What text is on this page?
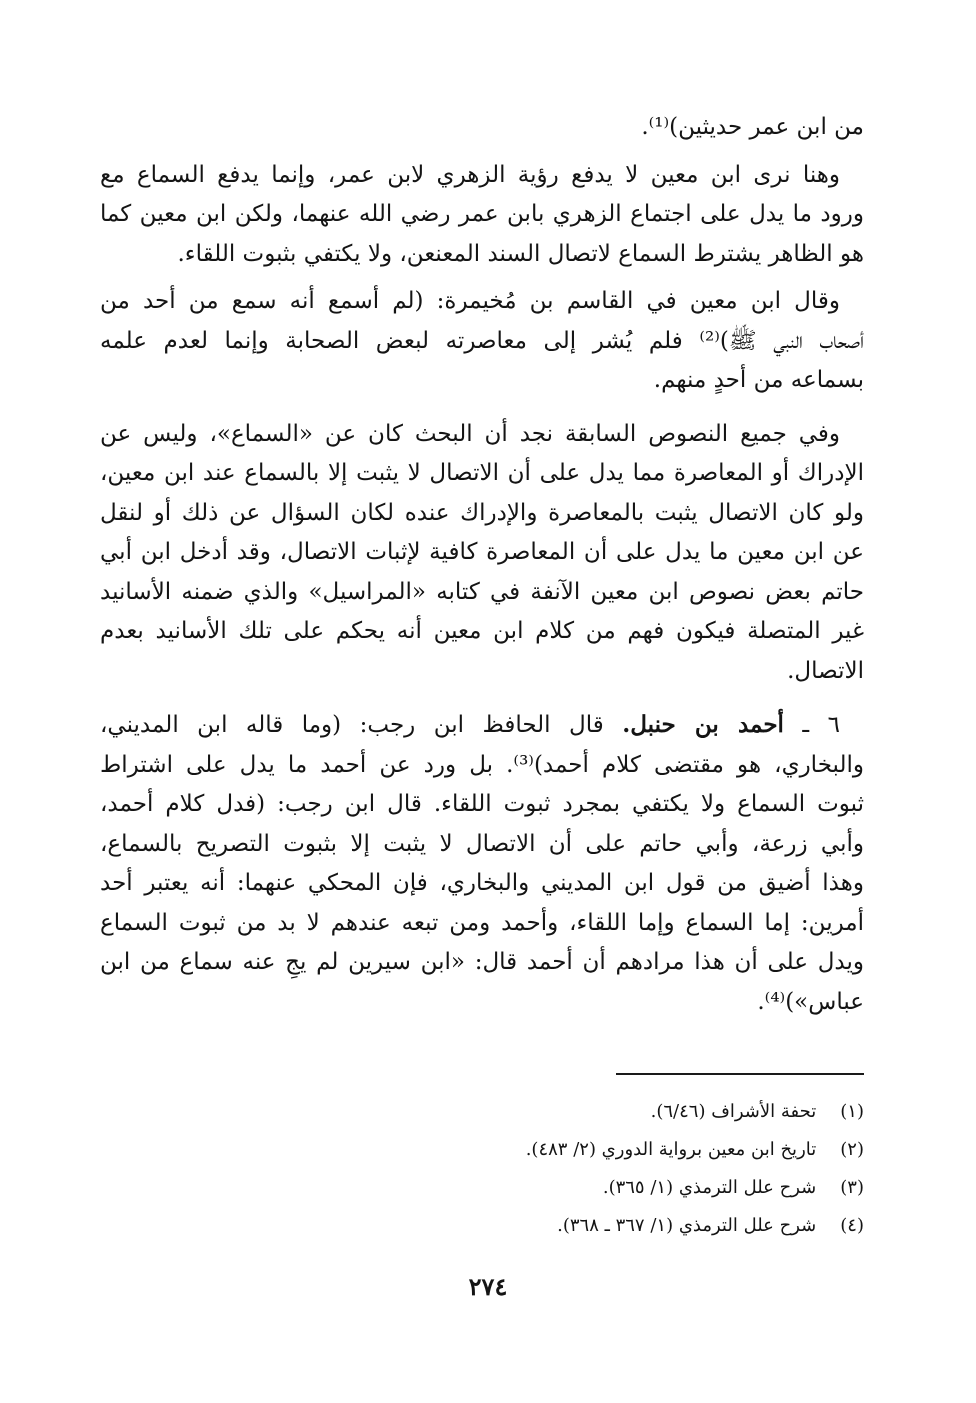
من ابن عمر حديثين)⁽¹⁾.

وهنا نرى ابن معين لا يدفع رؤية الزهري لابن عمر، وإنما يدفع السماع مع
ورود ما يدل على اجتماع الزهري بابن عمر رضي الله عنهما، ولكن ابن معين كما
هو الظاهر يشترط السماع لاتصال السند المعنعن، ولا يكتفي بثبوت اللقاء.

وقال ابن معين في القاسم بن مُخيمرة: (لم أسمع أنه سمع من أحد من
أصحاب النبي ﷺ)⁽²⁾ فلم يُشر إلى معاصرته لبعض الصحابة وإنما لعدم علمه
بسماعه من أحدٍ منهم.

وفي جميع النصوص السابقة نجد أن البحث كان عن «السماع»، وليس عن
الإدراك أو المعاصرة مما يدل على أن الاتصال لا يثبت إلا بالسماع عند ابن معين،
ولو كان الاتصال يثبت بالمعاصرة والإدراك عنده لكان السؤال عن ذلك أو لنقل
عن ابن معين ما يدل على أن المعاصرة كافية لإثبات الاتصال، وقد أدخل ابن أبي
حاتم بعض نصوص ابن معين الآنفة في كتابه «المراسيل» والذي ضمنه الأسانيد
غير المتصلة فيكون فهم من كلام ابن معين أنه يحكم على تلك الأسانيد بعدم
الاتصال.

٦ ـ أحمد بن حنبل. قال الحافظ ابن رجب: (وما قاله ابن المديني،
والبخاري، هو مقتضى كلام أحمد)⁽³⁾. بل ورد عن أحمد ما يدل على اشتراط
ثبوت السماع ولا يكتفي بمجرد ثبوت اللقاء. قال ابن رجب: (فدل كلام أحمد،
وأبي زرعة، وأبي حاتم على أن الاتصال لا يثبت إلا بثبوت التصريح بالسماع،
وهذا أضيق من قول ابن المديني والبخاري، فإن المحكي عنهما: أنه يعتبر أحد
أمرين: إما السماع وإما اللقاء، وأحمد ومن تبعه عندهم لا بد من ثبوت السماع
ويدل على أن هذا مرادهم أن أحمد قال: «ابن سيرين لم يجِ عنه سماع من ابن
عباس»)⁽⁴⁾.

(١) تحفة الأشراف (٦/٤٦).
(٢) تاريخ ابن معين برواية الدوري (٢/ ٤٨٣).
(٣) شرح علل الترمذي (١/ ٣٦٥).
(٤) شرح علل الترمذي (١/ ٣٦٧ ـ ٣٦٨).
٢٧٤
